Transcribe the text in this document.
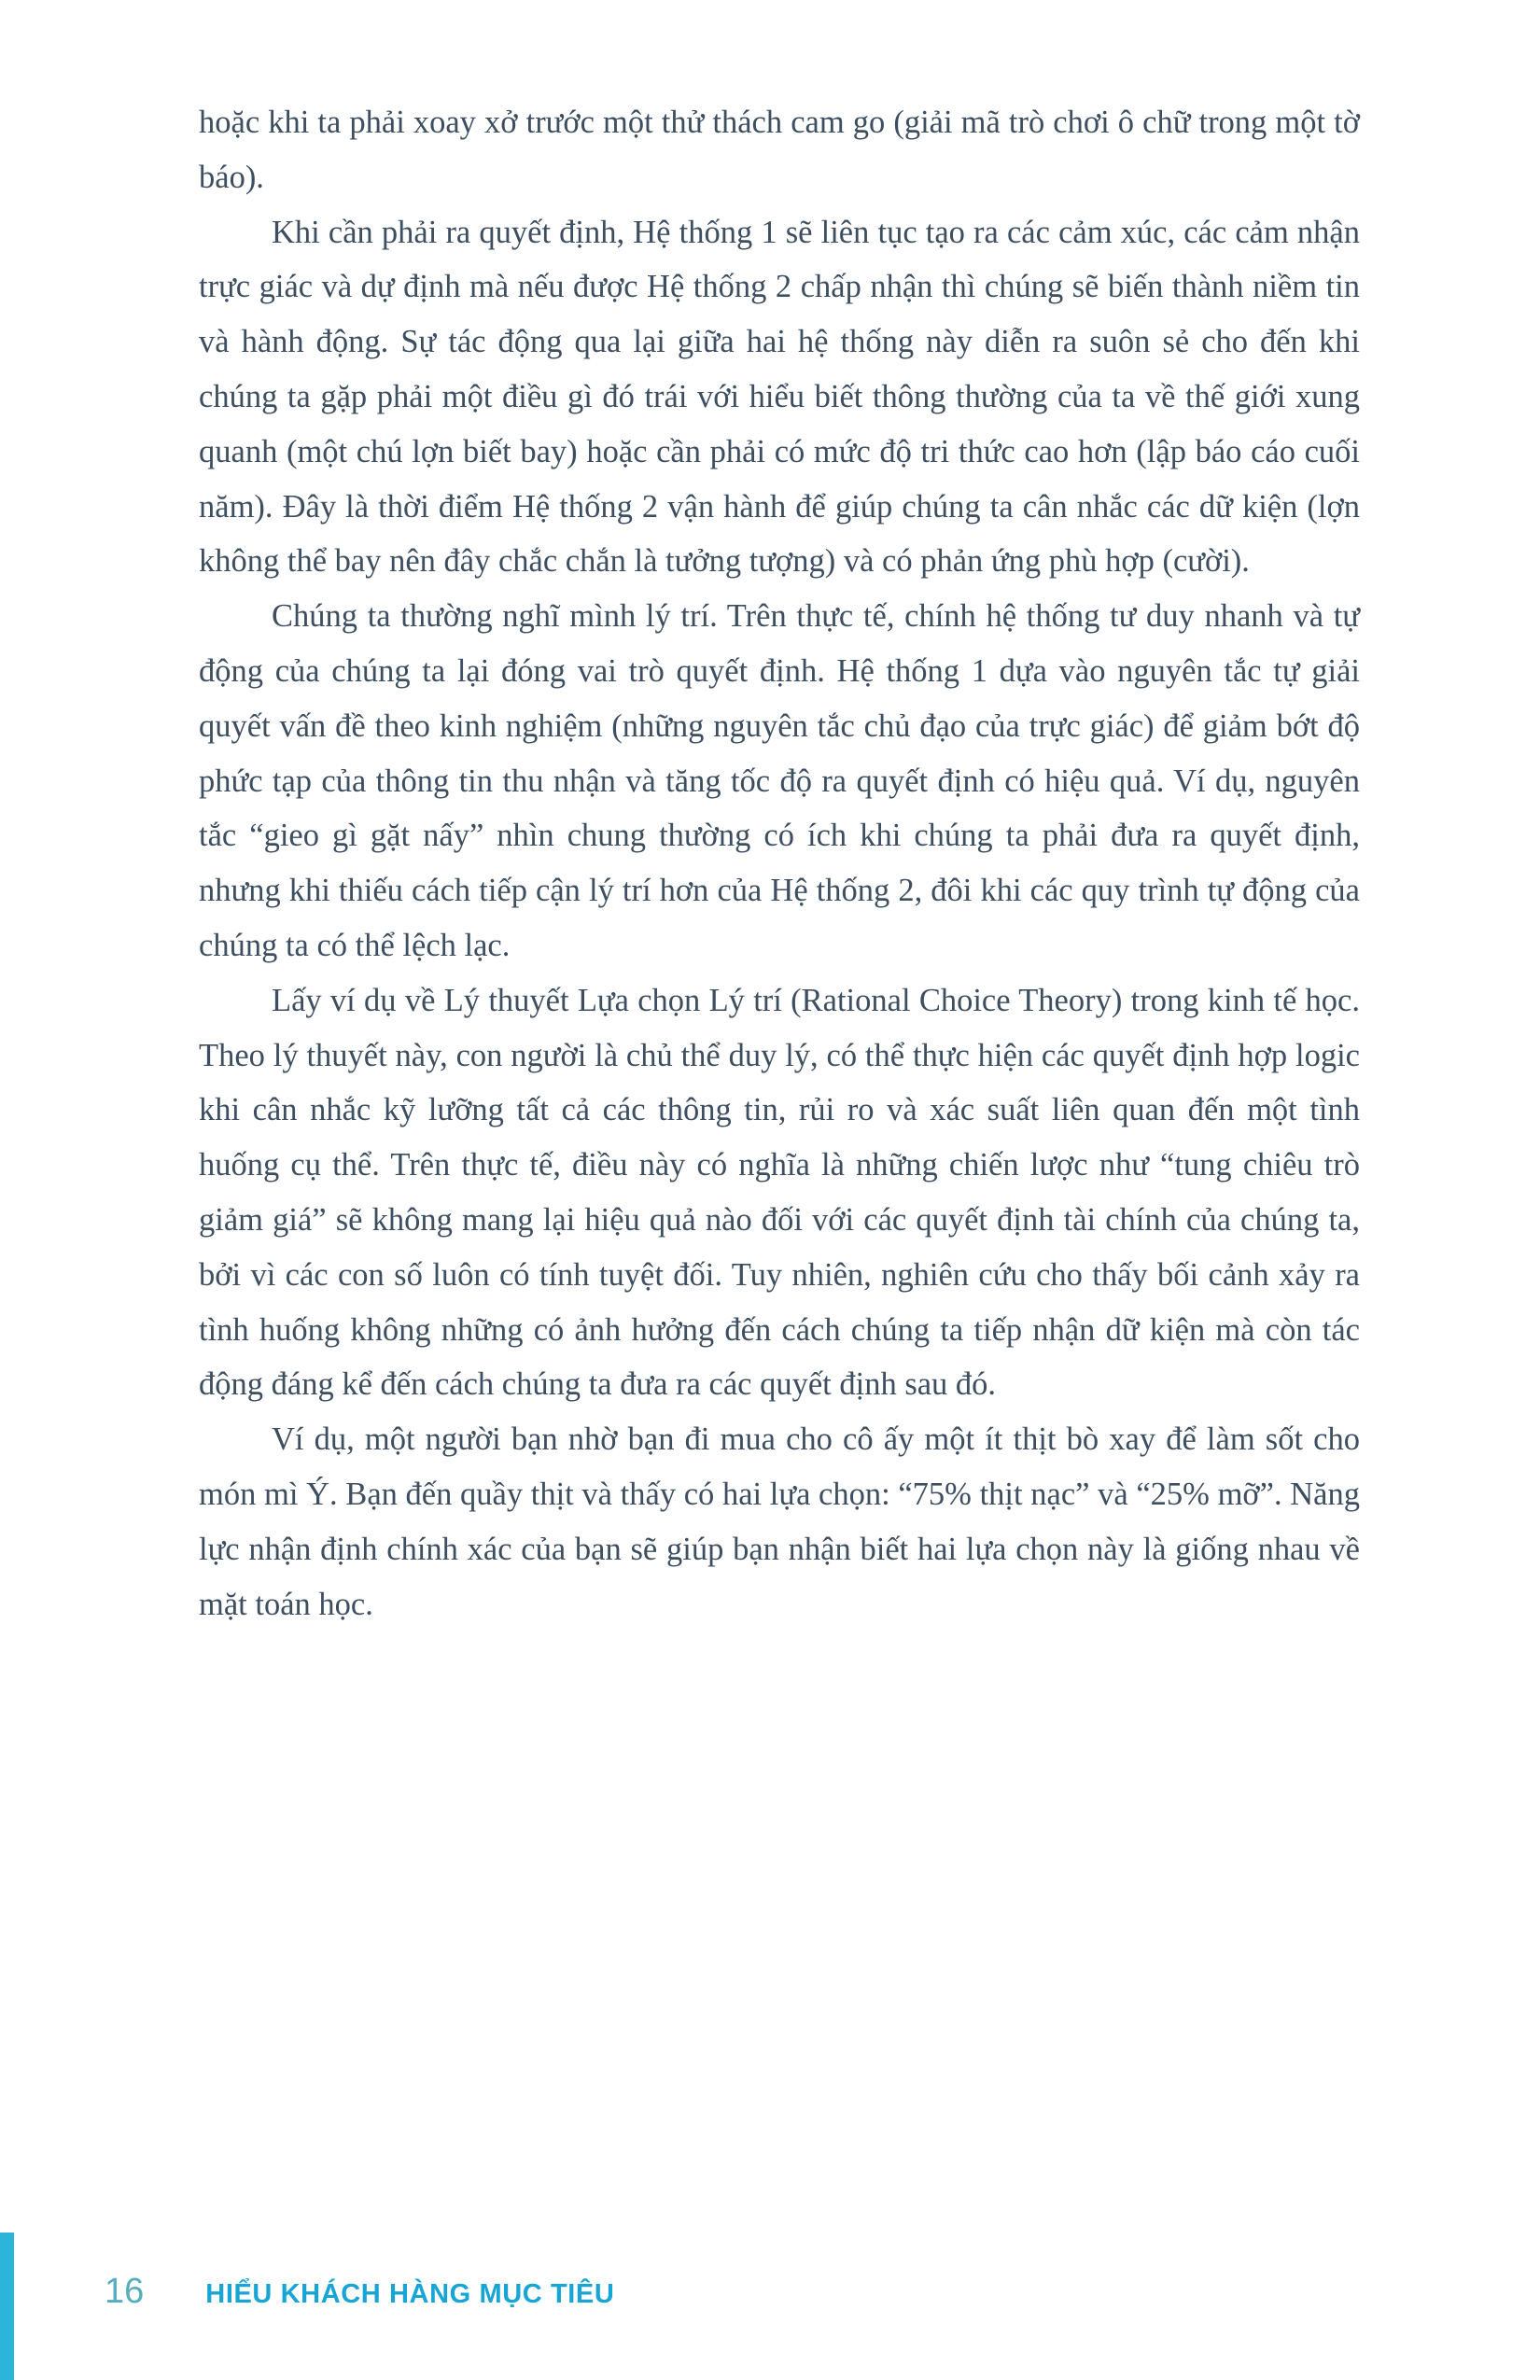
hoặc khi ta phải xoay xở trước một thử thách cam go (giải mã trò chơi ô chữ trong một tờ báo).

Khi cần phải ra quyết định, Hệ thống 1 sẽ liên tục tạo ra các cảm xúc, các cảm nhận trực giác và dự định mà nếu được Hệ thống 2 chấp nhận thì chúng sẽ biến thành niềm tin và hành động. Sự tác động qua lại giữa hai hệ thống này diễn ra suôn sẻ cho đến khi chúng ta gặp phải một điều gì đó trái với hiểu biết thông thường của ta về thế giới xung quanh (một chú lợn biết bay) hoặc cần phải có mức độ tri thức cao hơn (lập báo cáo cuối năm). Đây là thời điểm Hệ thống 2 vận hành để giúp chúng ta cân nhắc các dữ kiện (lợn không thể bay nên đây chắc chắn là tưởng tượng) và có phản ứng phù hợp (cười).

Chúng ta thường nghĩ mình lý trí. Trên thực tế, chính hệ thống tư duy nhanh và tự động của chúng ta lại đóng vai trò quyết định. Hệ thống 1 dựa vào nguyên tắc tự giải quyết vấn đề theo kinh nghiệm (những nguyên tắc chủ đạo của trực giác) để giảm bớt độ phức tạp của thông tin thu nhận và tăng tốc độ ra quyết định có hiệu quả. Ví dụ, nguyên tắc “gieo gì gặt nấy” nhìn chung thường có ích khi chúng ta phải đưa ra quyết định, nhưng khi thiếu cách tiếp cận lý trí hơn của Hệ thống 2, đôi khi các quy trình tự động của chúng ta có thể lệch lạc.

Lấy ví dụ về Lý thuyết Lựa chọn Lý trí (Rational Choice Theory) trong kinh tế học. Theo lý thuyết này, con người là chủ thể duy lý, có thể thực hiện các quyết định hợp logic khi cân nhắc kỹ lưỡng tất cả các thông tin, rủi ro và xác suất liên quan đến một tình huống cụ thể. Trên thực tế, điều này có nghĩa là những chiến lược như “tung chiêu trò giảm giá” sẽ không mang lại hiệu quả nào đối với các quyết định tài chính của chúng ta, bởi vì các con số luôn có tính tuyệt đối. Tuy nhiên, nghiên cứu cho thấy bối cảnh xảy ra tình huống không những có ảnh hưởng đến cách chúng ta tiếp nhận dữ kiện mà còn tác động đáng kể đến cách chúng ta đưa ra các quyết định sau đó.

Ví dụ, một người bạn nhờ bạn đi mua cho cô ấy một ít thịt bò xay để làm sốt cho món mì Ý. Bạn đến quầy thịt và thấy có hai lựa chọn: “75% thịt nạc” và “25% mỡ”. Năng lực nhận định chính xác của bạn sẽ giúp bạn nhận biết hai lựa chọn này là giống nhau về mặt toán học.

16 HIỂU KHÁCH HÀNG MỤC TIÊU
